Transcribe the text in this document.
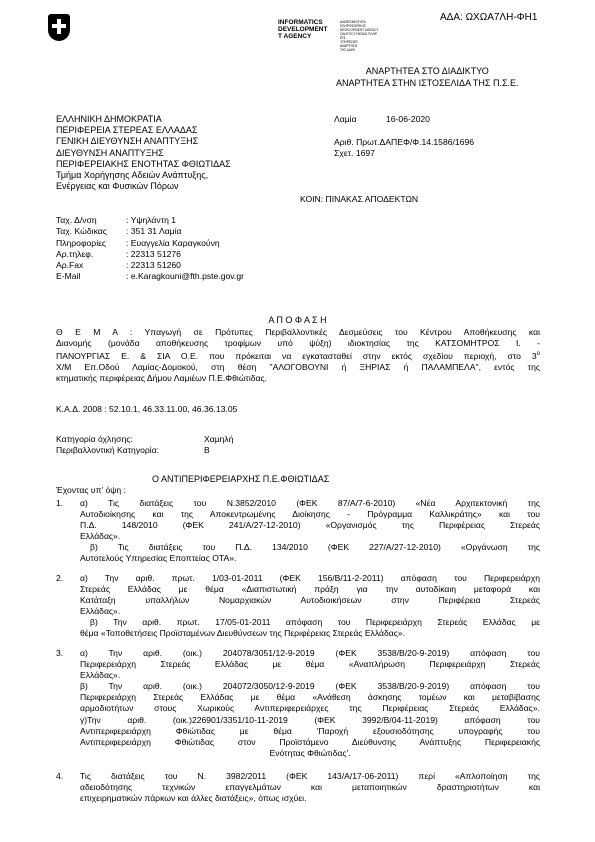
INFORMATICS
DEVELOPMENT
T AGENCY
ΔΙΑΘΕΣΙΜΟΤΗΤΑ
ΠΛΗΡΟΦΟΡΙΚΗΣ
DEVELOPMENT AGENCY
ΟΔΗΓΟΣ ΣΥΝΟΔΟ ΠΛΗΡ.
ΕΠΙ
ΥΠΗΡΕΣΙΕΣ
ΑΝΑΡΤΗΣΗ
ΤΗΣ ΔΙΑΦ.
ΑΔΑ: ΩΧΩΑ7ΛΗ-ΦΗ1
ΑΝΑΡΤΗΤΕΑ ΣΤΟ ΔΙΑΔΙΚΤΥΟ
ΑΝΑΡΤΗΤΕΑ ΣΤΗΝ ΙΣΤΟΣΕΛΙΔΑ ΤΗΣ Π.Σ.Ε.
ΕΛΛΗΝΙΚΗ ΔΗΜΟΚΡΑΤΙΑ
ΠΕΡΙΦΕΡΕΙΑ ΣΤΕΡΕΑΣ ΕΛΛΑΔΑΣ
ΓΕΝΙΚΗ ΔΙΕΥΘΥΝΣΗ ΑΝΑΠΤΥΞΗΣ
ΔΙΕΥΘΥΝΣΗ ΑΝΑΠΤΥΞΗΣ
ΠΕΡΙΦΕΡΕΙΑΚΗΣ ΕΝΟΤΗΤΑΣ ΦΘΙΩΤΙΔΑΣ
Τμήμα Χορήγησης Αδειών Ανάπτυξης,
Ενέργειας και Φυσικών Πόρων
Λαμία	16-06-2020
Αριθ. Πρωτ.ΔΑΠΕΦ/Φ.14.1586/1696
Σχετ. 1697
ΚΟΙΝ: ΠΙΝΑΚΑΣ ΑΠΟΔΕΚΤΩΝ
Ταχ. Δ/νση	: Υψηλάντη 1
Ταχ. Κώδικας : 351 31 Λαμία
Πληροφορίες : Ευαγγελία Καραγκούνη
Αρ.τηλεφ.	: 22313 51276
Αρ.Fax	: 22313 51260
E-Mail	: e.Karagkouni@fth.pste.gov.gr
Α Π Ο Φ Α Σ Η
Θ Ε Μ Α : Υπαγωγή σε Πρότυπες Περιβαλλοντικές Δεσμεύσεις του Κέντρου Αποθήκευσης και
Διανομής (μονάδα αποθήκευσης τροφίμων υπό ψύξη) ιδιοκτησίας της ΚΑΤΣΟΜΗΤΡΟΣ Ι. -
ΠΑΝΟΥΡΓΙΑΣ Ε. & ΣΙΑ Ο.Ε. που πρόκειται να εγκατασταθεί στην εκτός σχεδίου περιοχή, στο $3^o$
Χ/Μ Επ.Οδού Λαμίας-Δομοκού, στη θέση "ΑΛΟΓΟΒΟΥΝΙ ή ΞΗΡΙΑΣ ή ΠΑΛΑΜΠΕΛΑ", εντός της
κτηματικής περιφέρειας Δήμου Λαμιέων Π.Ε.Φθιώτιδας.
Κ.Α.Δ. 2008 : 52.10.1, 46.33.11.00, 46.36.13.05
Κατηγορία όχλησης:	Χαμηλή
Περιβαλλοντική Κατηγορία:	Β
Ο ΑΝΤΙΠΕΡΙΦΕΡΕΙΑΡΧΗΣ Π.Ε.ΦΘΙΩΤΙΔΑΣ
Έχοντας υπ’ όψη :
1. α) Τις διατάξεις του Ν.3852/2010 (ΦΕΚ 87/Α/7-6-2010) «Νέα Αρχιτεκτονική της
Αυτοδιοίκησης και της Αποκεντρωμένης Διοίκησης - Πρόγραμμα Καλλικράτης» και του
Π.Δ. 148/2010 (ΦΕΚ 241/Α/27-12-2010) «Οργανισμός της Περιφέρειας Στερεάς
Ελλάδας».
β) Τις διατάξεις του Π.Δ. 134/2010 (ΦΕΚ 227/Α/27-12-2010) «Οργάνωση της
Αυτοτελούς Υπηρεσίας Εποπτείας ΟΤΑ».
2. α) Την αριθ. πρωτ. 1/03-01-2011 (ΦΕΚ 156/Β/11-2-2011) απόφαση του Περιφερειάρχη
Στερεάς Ελλάδας με θέμα «Διαπιστωτική πράξη για την αυτοδίκαιη μεταφορά και
Κατάταξη υπαλλήλων Νομαρχιακών Αυτοδιοικήσεων στην Περιφέρεια Στερεάς
Ελλάδας».
β) Την αριθ. πρωτ. 17/05-01-2011 απόφαση του Περιφερειάρχη Στερεάς Ελλάδας με
θέμα «Τοποθετήσεις Προϊσταμένων Διευθύνσεων της Περιφέρειας Στερεάς Ελλάδας».
3. α) Την αριθ. (οικ.) 204078/3051/12-9-2019 (ΦΕΚ 3538/Β/20-9-2019) απόφαση του
Περιφερειάρχη Στερεάς Ελλάδας με θέμα «Αναπλήρωση Περιφερειάρχη Στερεάς
Ελλάδας».
β) Την αριθ. (οικ.) 204072/3050/12-9-2019 (ΦΕΚ 3538/Β/20-9-2019) απόφαση του
Περιφερειάρχη Στερεάς Ελλάδας με θέμα «Ανάθεση άσκησης τομέων και μεταβίβασης
αρμοδιοτήτων στους Χωρικούς Αντιπεριφερειάρχες της Περιφέρειας Στερεάς Ελλάδας».
γ)Την αριθ. (οικ.)226901/3351/10-11-2019 (ΦΕΚ 3992/Β/04-11-2019) απόφαση του
Αντιπεριφερειάρχη Φθιώτιδας με θέμα 'Παροχή εξουσιοδότησης υπογραφής του
Αντιπεριφερειάρχη Φθιώτιδας στον Προϊστάμενο Διεύθυνσης Ανάπτυξης Περιφερειακής
Ενότητας Φθιώτιδας'.
4. Τις διατάξεις του Ν. 3982/2011 (ΦΕΚ 143/Α/17-06-2011) περί «Απλοποίηση της
αδειοδότησης τεχνικών επαγγελμάτων και μεταποιητικών δραστηριοτήτων και
επιχειρηματικών πάρκων και άλλες διατάξεις», όπως ισχύει.
